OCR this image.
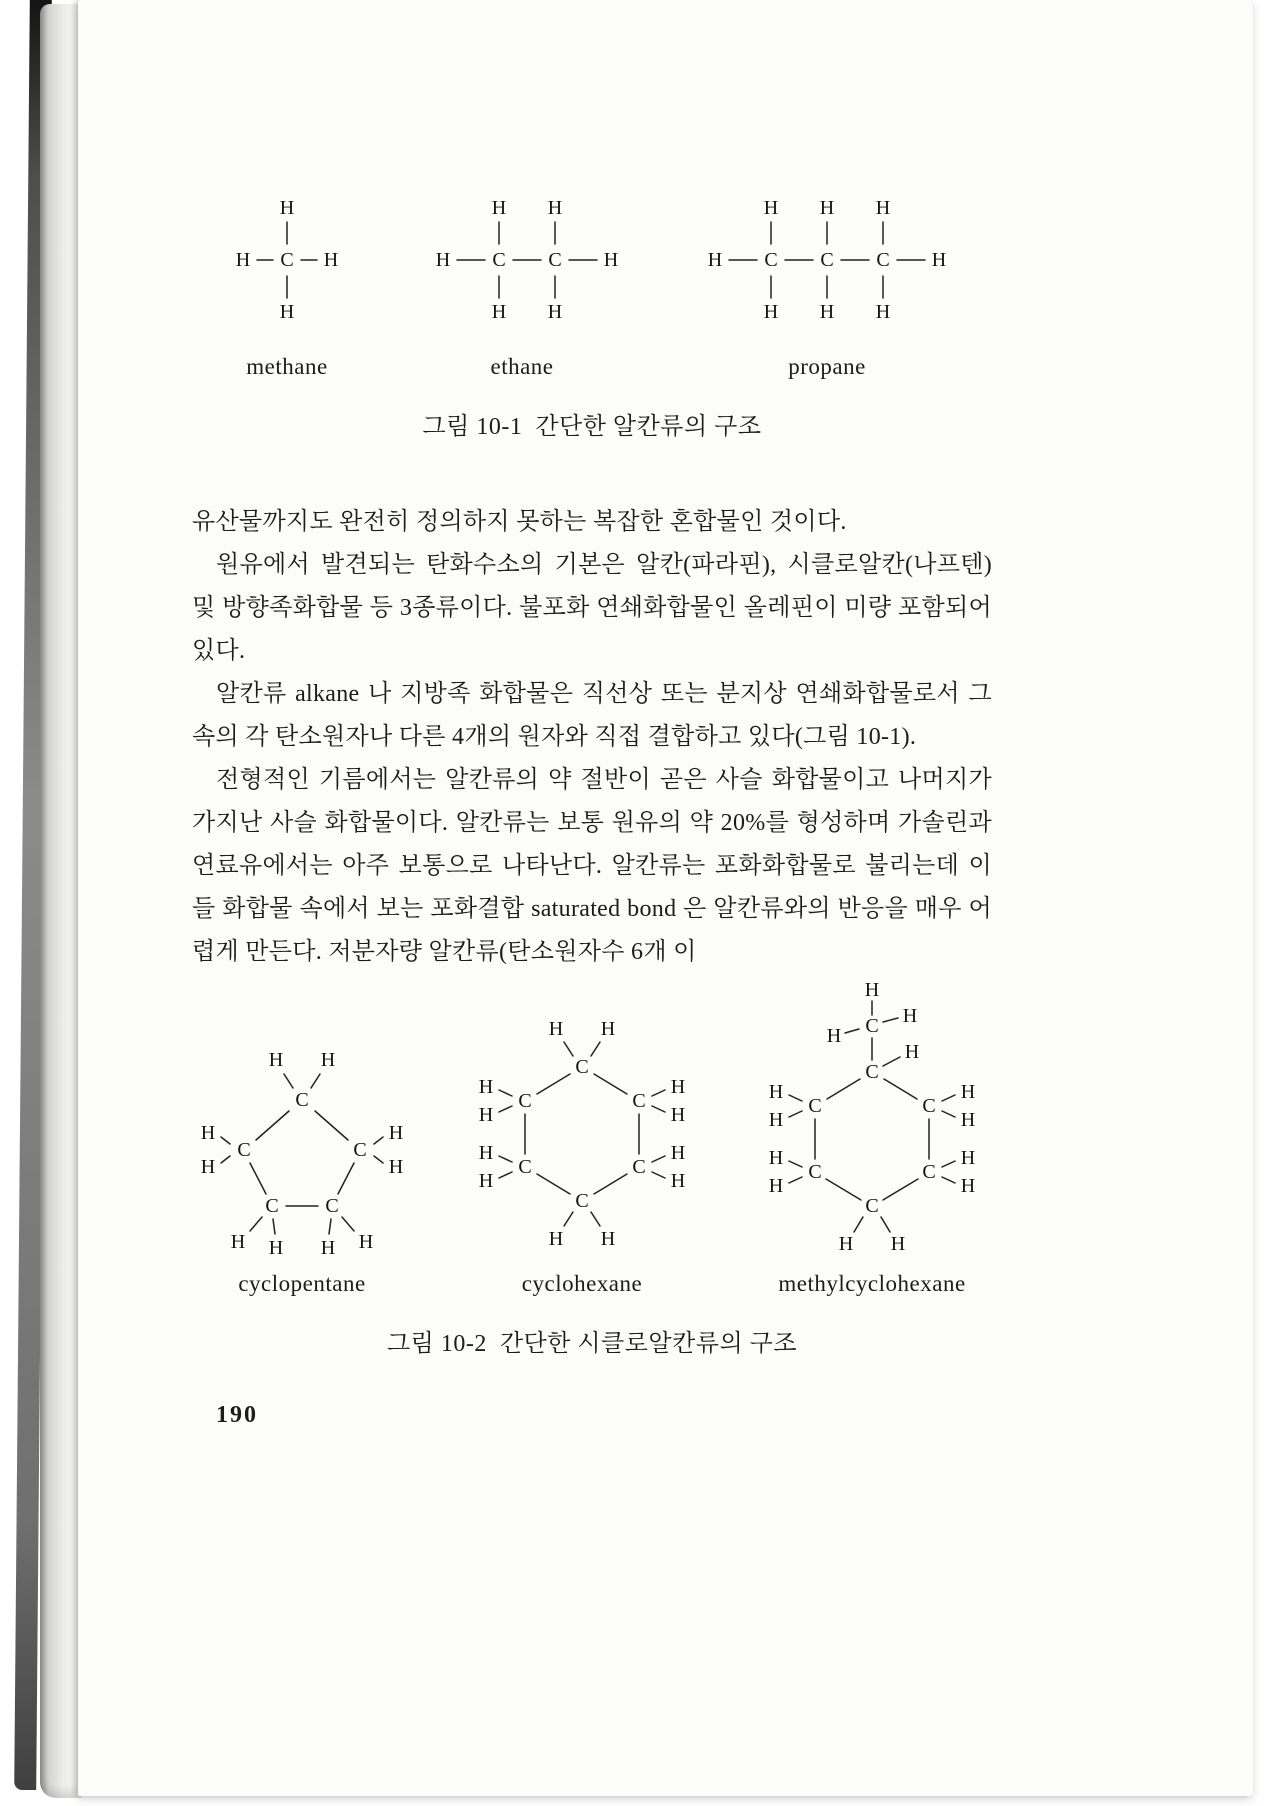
H
H C H
H
methane
H H
H C C H
H H
ethane
H H H
H C C C H
H H H
propane
그림 10-1  간단한 알칸류의 구조

유산물까지도 완전히 정의하지 못하는 복잡한 혼합물인 것이다.

원유에서 발견되는 탄화수소의 기본은 알칸(파라핀), 시클로알칸(나프텐) 및 방향족화합물 등 3종류이다. 불포화 연쇄화합물인 올레핀이 미량 포함되어 있다.

알칸류 alkane 나 지방족 화합물은 직선상 또는 분지상 연쇄화합물로서 그 속의 각 탄소원자나 다른 4개의 원자와 직접 결합하고 있다(그림 10-1).

전형적인 기름에서는 알칸류의 약 절반이 곧은 사슬 화합물이고 나머지가 가지난 사슬 화합물이다. 알칸류는 보통 원유의 약 20%를 형성하며 가솔린과 연료유에서는 아주 보통으로 나타난다. 알칸류는 포화화합물로 불리는데 이들 화합물 속에서 보는 포화결합 saturated bond 은 알칸류와의 반응을 매우 어렵게 만든다. 저분자량 알칸류(탄소원자수 6개 이

H H
C
H	H
C	C
H	H
C C
H	H
H H
cyclopentane
H H
C
H	H
C	C
H	H
H	H
C	C
H	H
C
H H
cyclohexane
H
H
C
H
H
C
H	H
C	C
H	H
H	H
C	C
H	H
C
H H
methylcyclohexane
그림 10-2  간단한 시클로알칸류의 구조
190
